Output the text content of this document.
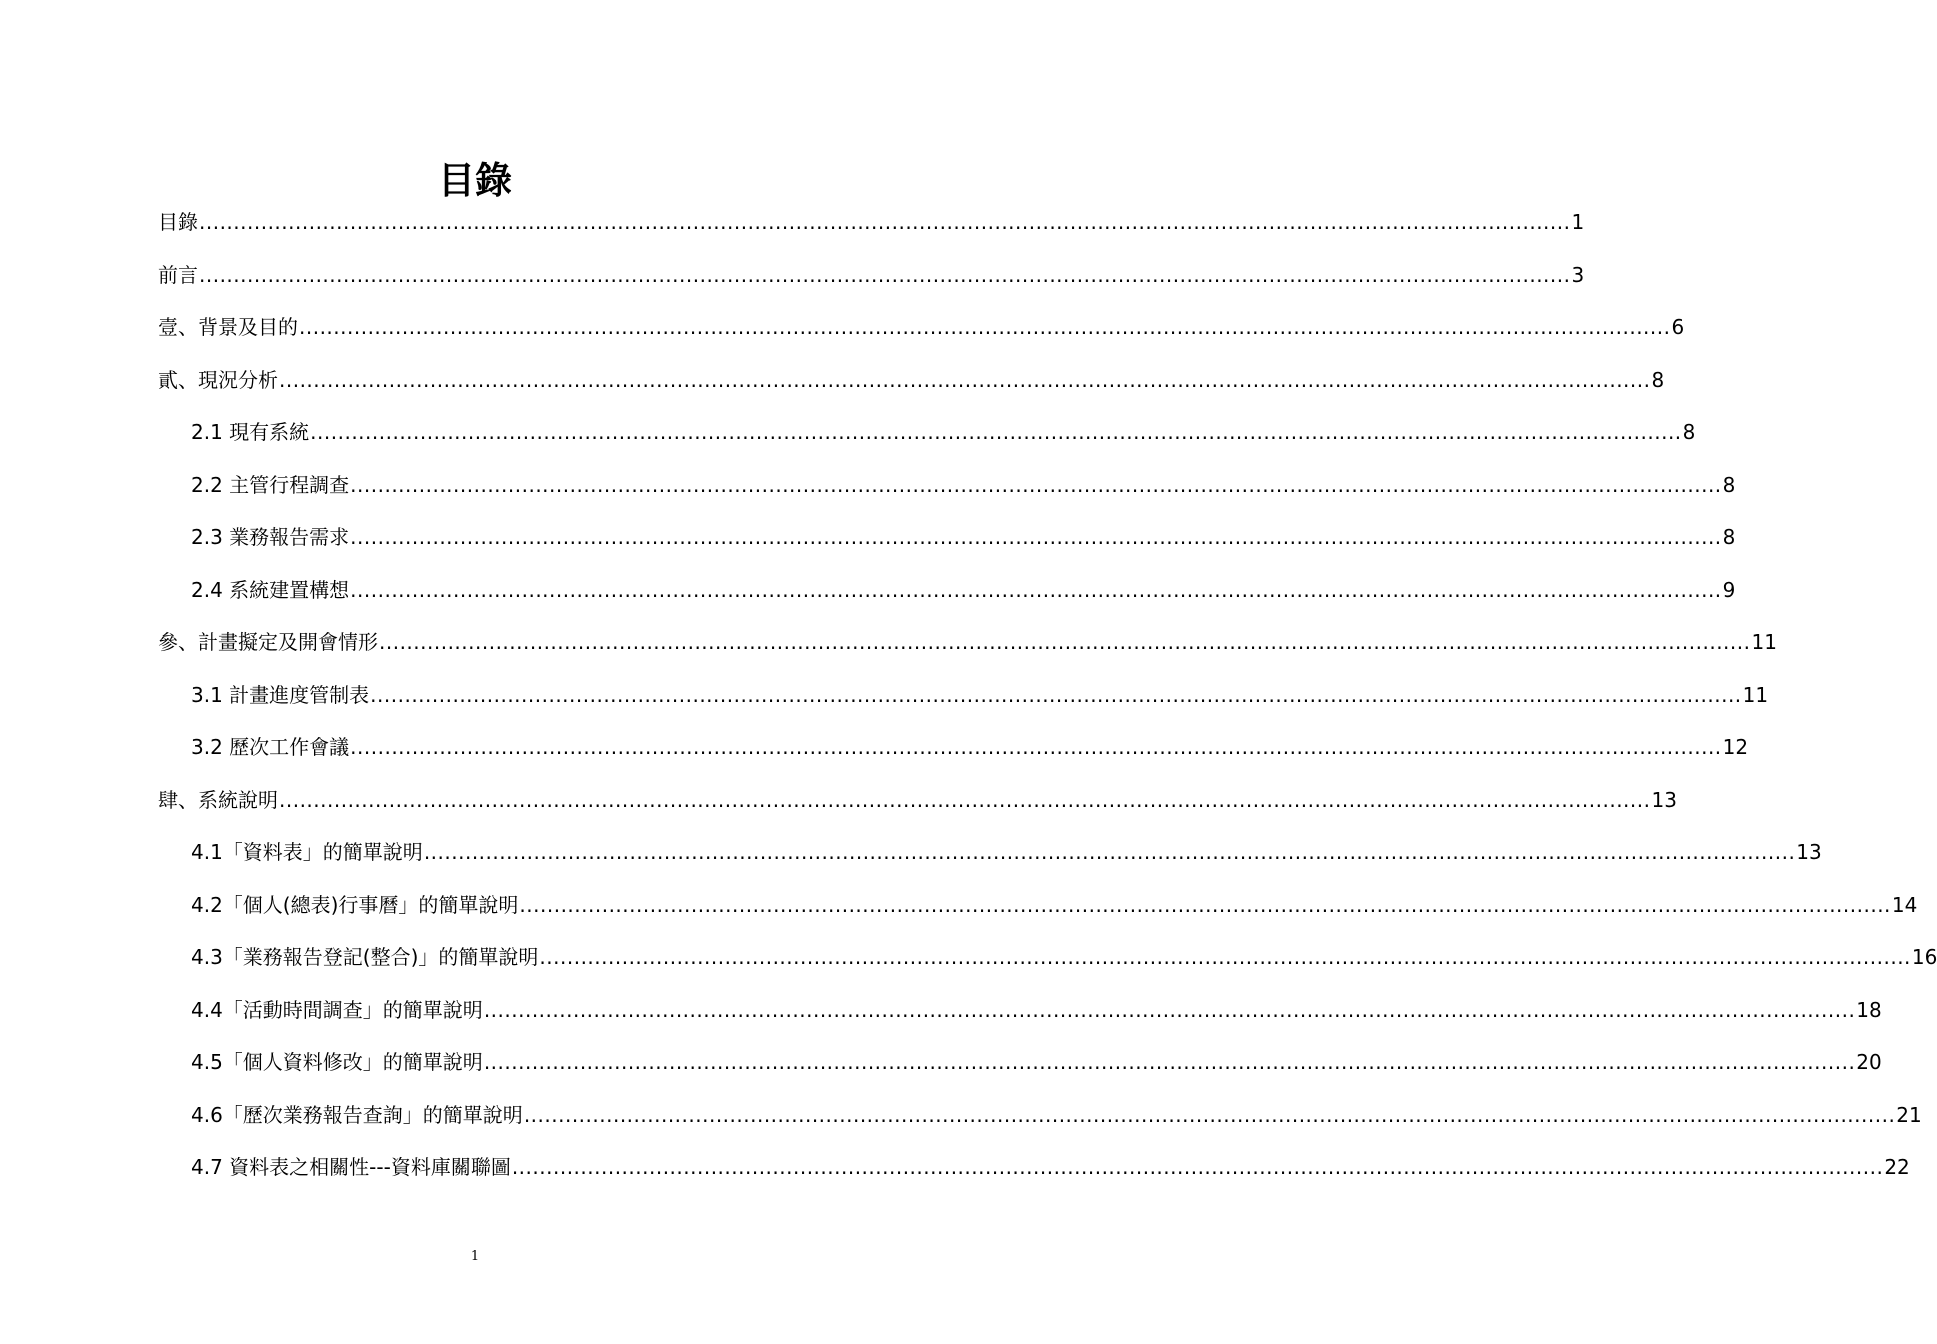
目錄
目錄 ........................................................................................................................................................................................................ 1
前言 ........................................................................................................................................................................................................ 3
壹、背景及目的 ........................................................................................................................................................................................................ 6
貳、現況分析 ........................................................................................................................................................................................................ 8
2.1 現有系統 ........................................................................................................................................................................................................ 8
2.2 主管行程調查 ........................................................................................................................................................................................................ 8
2.3 業務報告需求 ........................................................................................................................................................................................................ 8
2.4 系統建置構想 ........................................................................................................................................................................................................ 9
參、計畫擬定及開會情形 ........................................................................................................................................................................................................ 11
3.1 計畫進度管制表 ........................................................................................................................................................................................................ 11
3.2 歷次工作會議 ........................................................................................................................................................................................................ 12
肆、系統說明 ........................................................................................................................................................................................................ 13
4.1「資料表」的簡單說明 ........................................................................................................................................................................................................ 13
4.2「個人(總表)行事曆」的簡單說明 ........................................................................................................................................................................................................ 14
4.3「業務報告登記(整合)」的簡單說明 ........................................................................................................................................................................................................ 16
4.4「活動時間調查」的簡單說明 ........................................................................................................................................................................................................ 18
4.5「個人資料修改」的簡單說明 ........................................................................................................................................................................................................ 20
4.6「歷次業務報告查詢」的簡單說明 ........................................................................................................................................................................................................ 21
4.7 資料表之相關性---資料庫關聯圖 ........................................................................................................................................................................................................ 22
1
